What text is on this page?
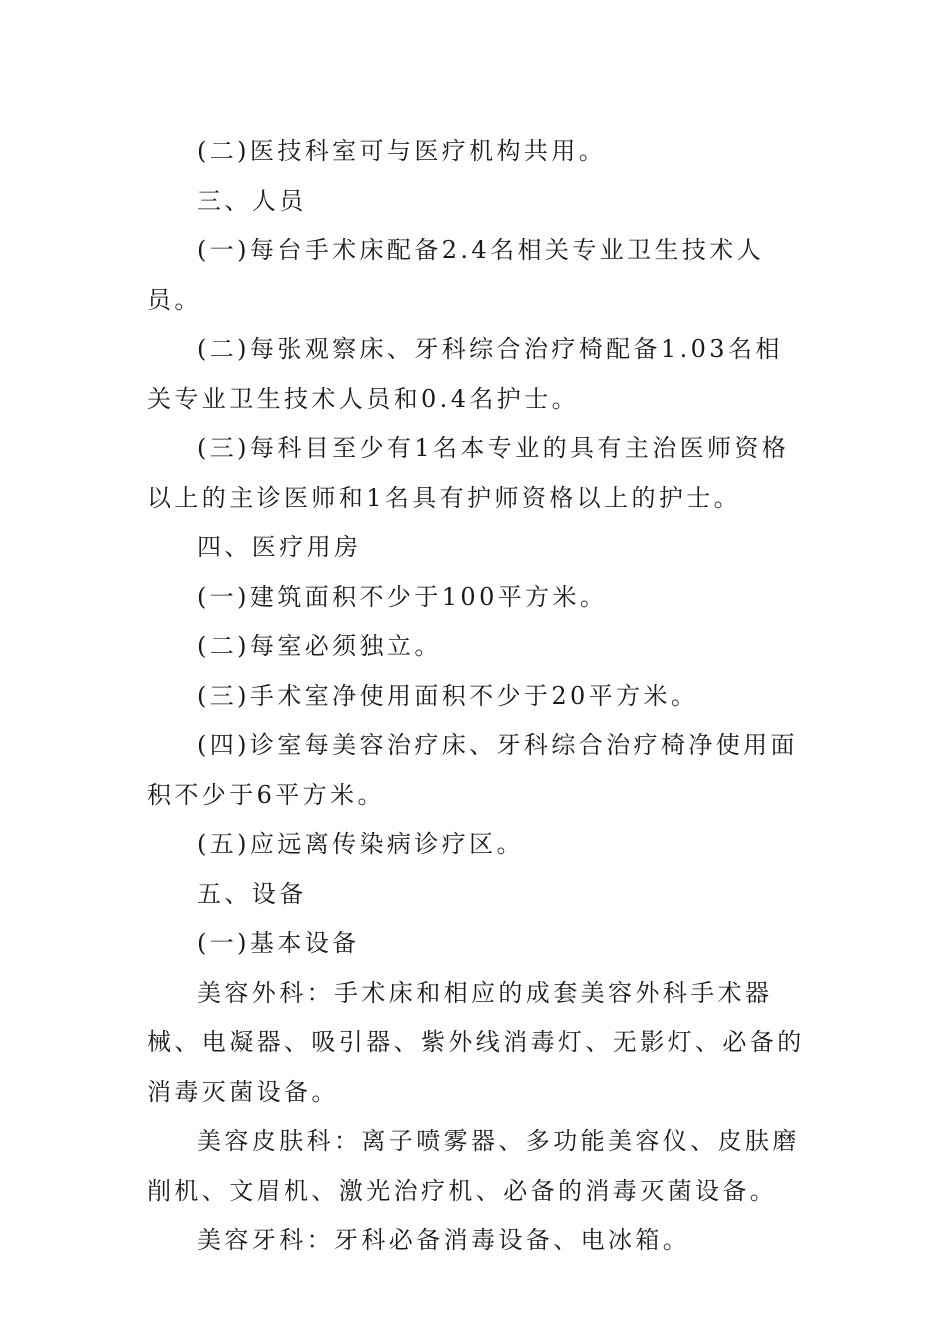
(二)医技科室可与医疗机构共用。

三、人员

(一)每台手术床配备2.4名相关专业卫生技术人员。

(二)每张观察床、牙科综合治疗椅配备1.03名相关专业卫生技术人员和0.4名护士。

(三)每科目至少有1名本专业的具有主治医师资格以上的主诊医师和1名具有护师资格以上的护士。

四、医疗用房

(一)建筑面积不少于100平方米。

(二)每室必须独立。

(三)手术室净使用面积不少于20平方米。

(四)诊室每美容治疗床、牙科综合治疗椅净使用面积不少于6平方米。

(五)应远离传染病诊疗区。

五、设备

(一)基本设备

美容外科：手术床和相应的成套美容外科手术器械、电凝器、吸引器、紫外线消毒灯、无影灯、必备的消毒灭菌设备。

美容皮肤科：离子喷雾器、多功能美容仪、皮肤磨削机、文眉机、激光治疗机、必备的消毒灭菌设备。

美容牙科：牙科必备消毒设备、电冰箱。
